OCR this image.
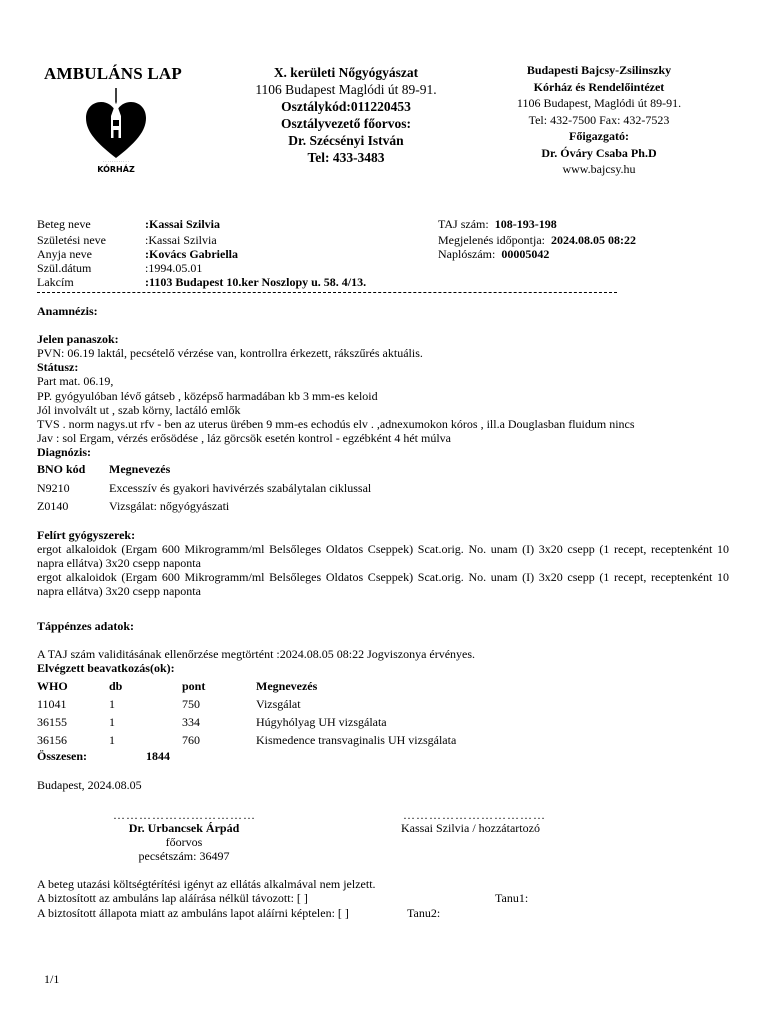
AMBULÁNS LAP
· · · · · · · · · · · ·
KÓRHÁZ
X. kerületi Nőgyógyászat
1106 Budapest Maglódi út 89-91.
Osztálykód:011220453
Osztályvezető főorvos:
Dr. Szécsényi István
Tel: 433-3483
Budapesti Bajcsy-Zsilinszky
Kórház és Rendelőintézet
1106 Budapest, Maglódi út 89-91.
Tel: 432-7500 Fax: 432-7523
Főigazgató:
Dr. Óváry Csaba Ph.D
www.bajcsy.hu
Beteg neve	:Kassai Szilvia
Születési neve	:Kassai Szilvia
Anyja neve	:Kovács Gabriella
Szül.dátum	:1994.05.01
Lakcím	:1103 Budapest 10.ker Noszlopy u. 58. 4/13.
TAJ szám: 108-193-198
Megjelenés időpontja: 2024.08.05 08:22
Naplószám: 00005042
Anamnézis:
Jelen panaszok:
PVN: 06.19 laktál, pecsételő vérzése van, kontrollra érkezett, rákszűrés aktuális.
Státusz:
Part mat. 06.19,
PP. gyógyulóban lévő gátseb , középső harmadában kb 3 mm-es keloid
Jól involvált ut , szab körny, lactáló emlők
TVS . norm nagys.ut rfv - ben az uterus ürében 9 mm-es echodús elv . ,adnexumokon kóros , ill.a Douglasban fluidum nincs
Jav : sol Ergam, vérzés erősödése , láz görcsök esetén kontrol - egzébként 4 hét múlva
Diagnózis:
BNO kód Megnevezés
N9210	Excesszív és gyakori havivérzés szabálytalan ciklussal
Z0140	Vizsgálat: nőgyógyászati
Felírt gyógyszerek:

ergot alkaloidok (Ergam 600 Mikrogramm/ml Belsőleges Oldatos Cseppek) Scat.orig. No. unam (I) 3x20 csepp (1 recept, receptenként 10 napra ellátva) 3x20 csepp naponta

ergot alkaloidok (Ergam 600 Mikrogramm/ml Belsőleges Oldatos Cseppek) Scat.orig. No. unam (I) 3x20 csepp (1 recept, receptenként 10 napra ellátva) 3x20 csepp naponta

Táppénzes adatok:
A TAJ szám validitásának ellenőrzése megtörtént :2024.08.05 08:22 Jogviszonya érvényes.
Elvégzett beavatkozás(ok):
WHO	db	pont	Megnevezés
11041	1	750	Vizsgálat
36155	1	334	Húgyhólyag UH vizsgálata
36156	1	760	Kismedence transvaginalis UH vizsgálata
Összesen:	1844
Budapest, 2024.08.05
……………………………	……………………………
Dr. Urbancsek Árpád
főorvos
pecsétszám: 36497
Kassai Szilvia / hozzátartozó
A beteg utazási költségtérítési igényt az ellátás alkalmával nem jelzett.
A biztosított az ambuláns lap aláírása nélkül távozott: [ ]	Tanu1:
A biztosított állapota miatt az ambuláns lapot aláírni képtelen: [ ]	Tanu2:
1/1
